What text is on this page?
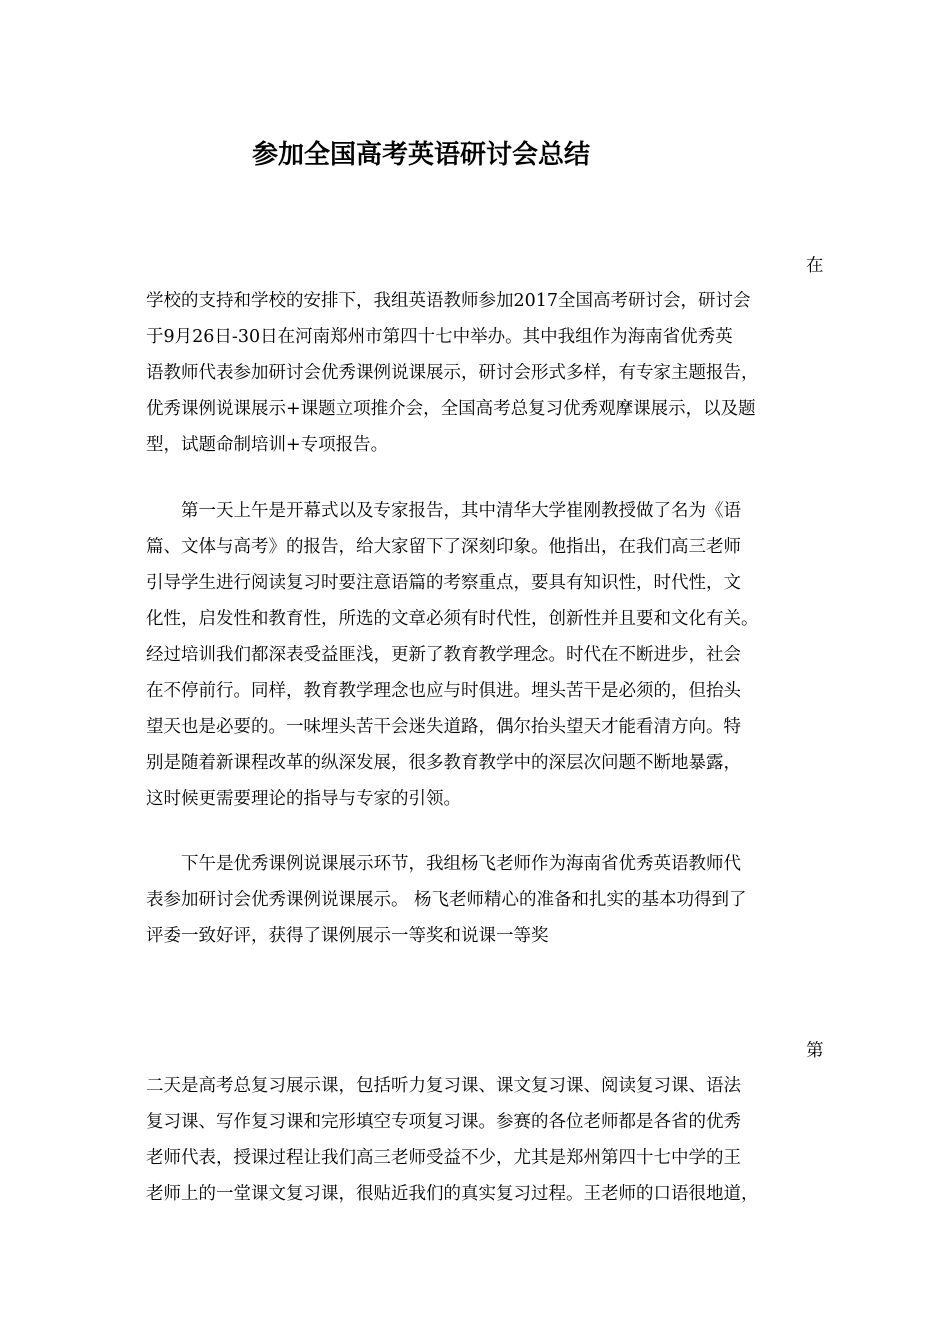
参加全国高考英语研讨会总结

在

学校的支持和学校的安排下，我组英语教师参加2017全国高考研讨会，研讨会
于9月26日-30日在河南郑州市第四十七中举办。其中我组作为海南省优秀英
语教师代表参加研讨会优秀课例说课展示，研讨会形式多样，有专家主题报告，
优秀课例说课展示+课题立项推介会，全国高考总复习优秀观摩课展示，以及题
型，试题命制培训+专项报告。

　　第一天上午是开幕式以及专家报告，其中清华大学崔刚教授做了名为《语
篇、文体与高考》的报告，给大家留下了深刻印象。他指出，在我们高三老师
引导学生进行阅读复习时要注意语篇的考察重点，要具有知识性，时代性，文
化性，启发性和教育性，所选的文章必须有时代性，创新性并且要和文化有关。
经过培训我们都深表受益匪浅，更新了教育教学理念。时代在不断进步，社会
在不停前行。同样，教育教学理念也应与时俱进。埋头苦干是必须的，但抬头
望天也是必要的。一味埋头苦干会迷失道路，偶尔抬头望天才能看清方向。特
别是随着新课程改革的纵深发展，很多教育教学中的深层次问题不断地暴露，
这时候更需要理论的指导与专家的引领。

　　下午是优秀课例说课展示环节，我组杨飞老师作为海南省优秀英语教师代
表参加研讨会优秀课例说课展示。 杨飞老师精心的准备和扎实的基本功得到了
评委一致好评，获得了课例展示一等奖和说课一等奖

第

二天是高考总复习展示课，包括听力复习课、课文复习课、阅读复习课、语法
复习课、写作复习课和完形填空专项复习课。参赛的各位老师都是各省的优秀
老师代表，授课过程让我们高三老师受益不少，尤其是郑州第四十七中学的王
老师上的一堂课文复习课，很贴近我们的真实复习过程。王老师的口语很地道，
